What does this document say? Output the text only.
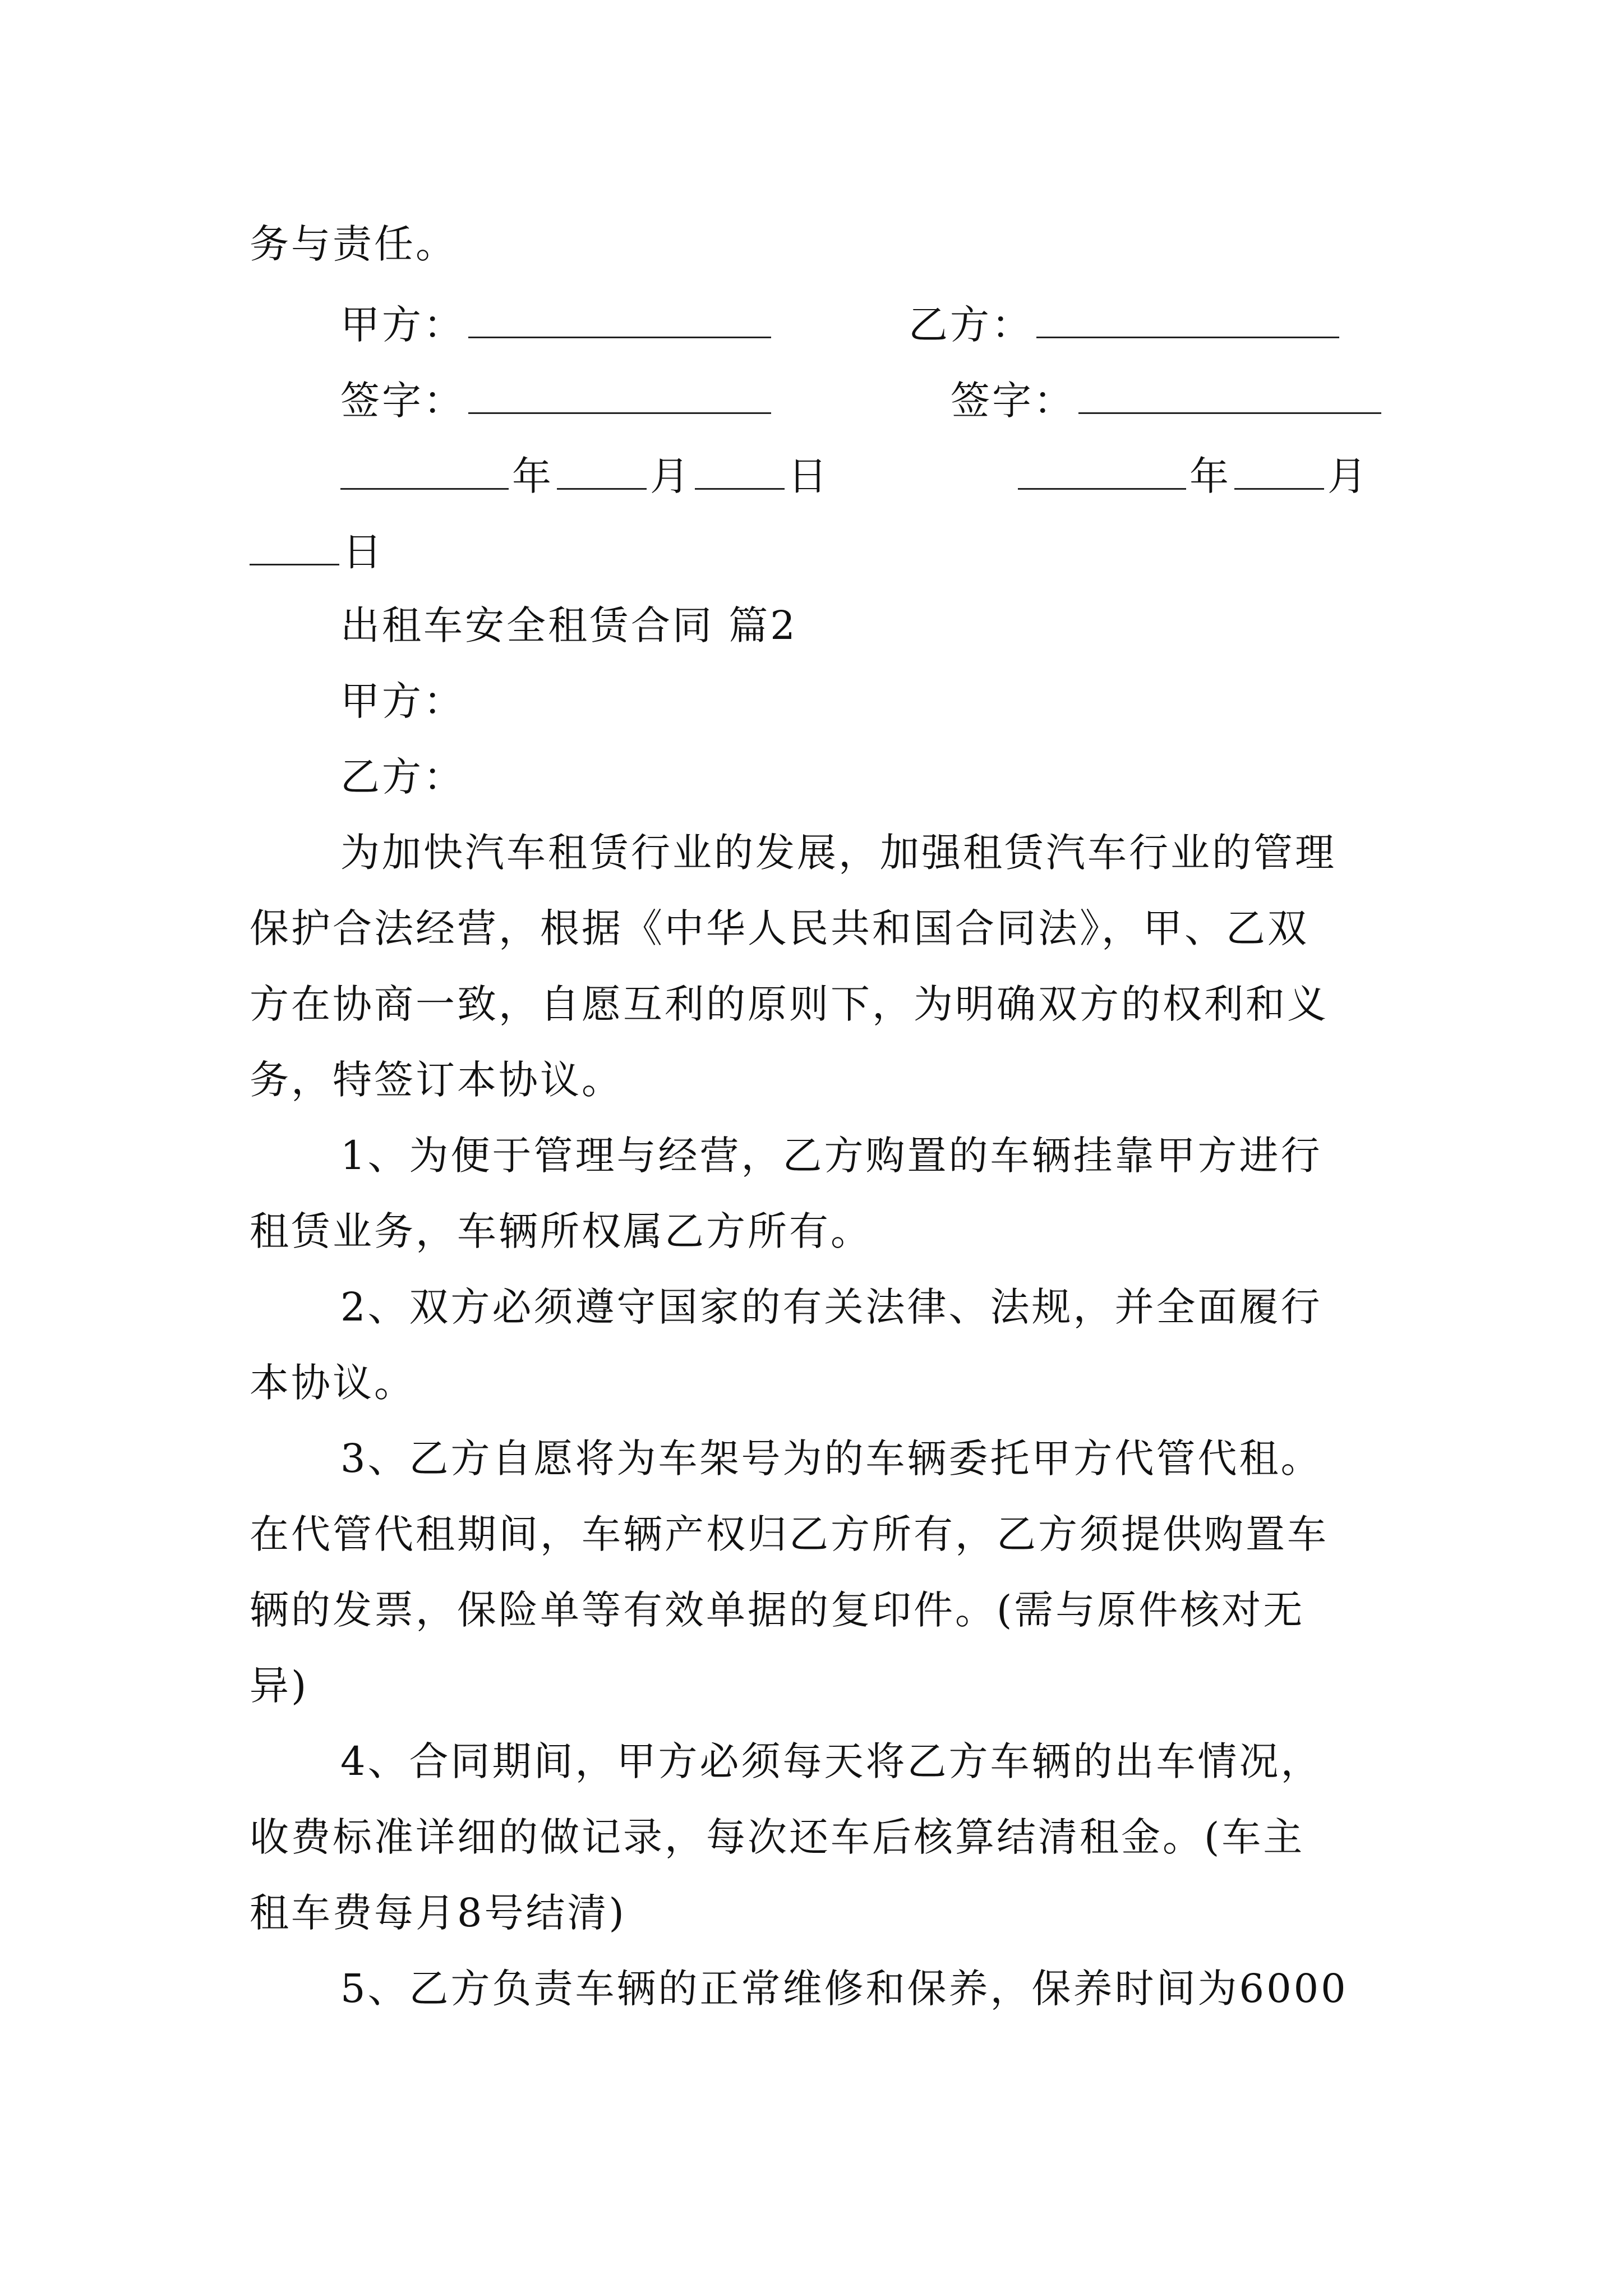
务与责任。
甲方：	乙方：
签字：	签字：
年 月 日	年 月
日
出租车安全租赁合同 篇2
甲方：
乙方：
为加快汽车租赁行业的发展，加强租赁汽车行业的管理
保护合法经营，根据《中华人民共和国合同法》，甲、乙双
方在协商一致，自愿互利的原则下，为明确双方的权利和义
务，特签订本协议。
1、为便于管理与经营，乙方购置的车辆挂靠甲方进行
租赁业务，车辆所权属乙方所有。
2、双方必须遵守国家的有关法律、法规，并全面履行
本协议。
3、乙方自愿将为车架号为的车辆委托甲方代管代租。
在代管代租期间，车辆产权归乙方所有，乙方须提供购置车
辆的发票，保险单等有效单据的复印件。(需与原件核对无
异)
4、合同期间，甲方必须每天将乙方车辆的出车情况，
收费标准详细的做记录，每次还车后核算结清租金。(车主
租车费每月8号结清)
5、乙方负责车辆的正常维修和保养，保养时间为6000
